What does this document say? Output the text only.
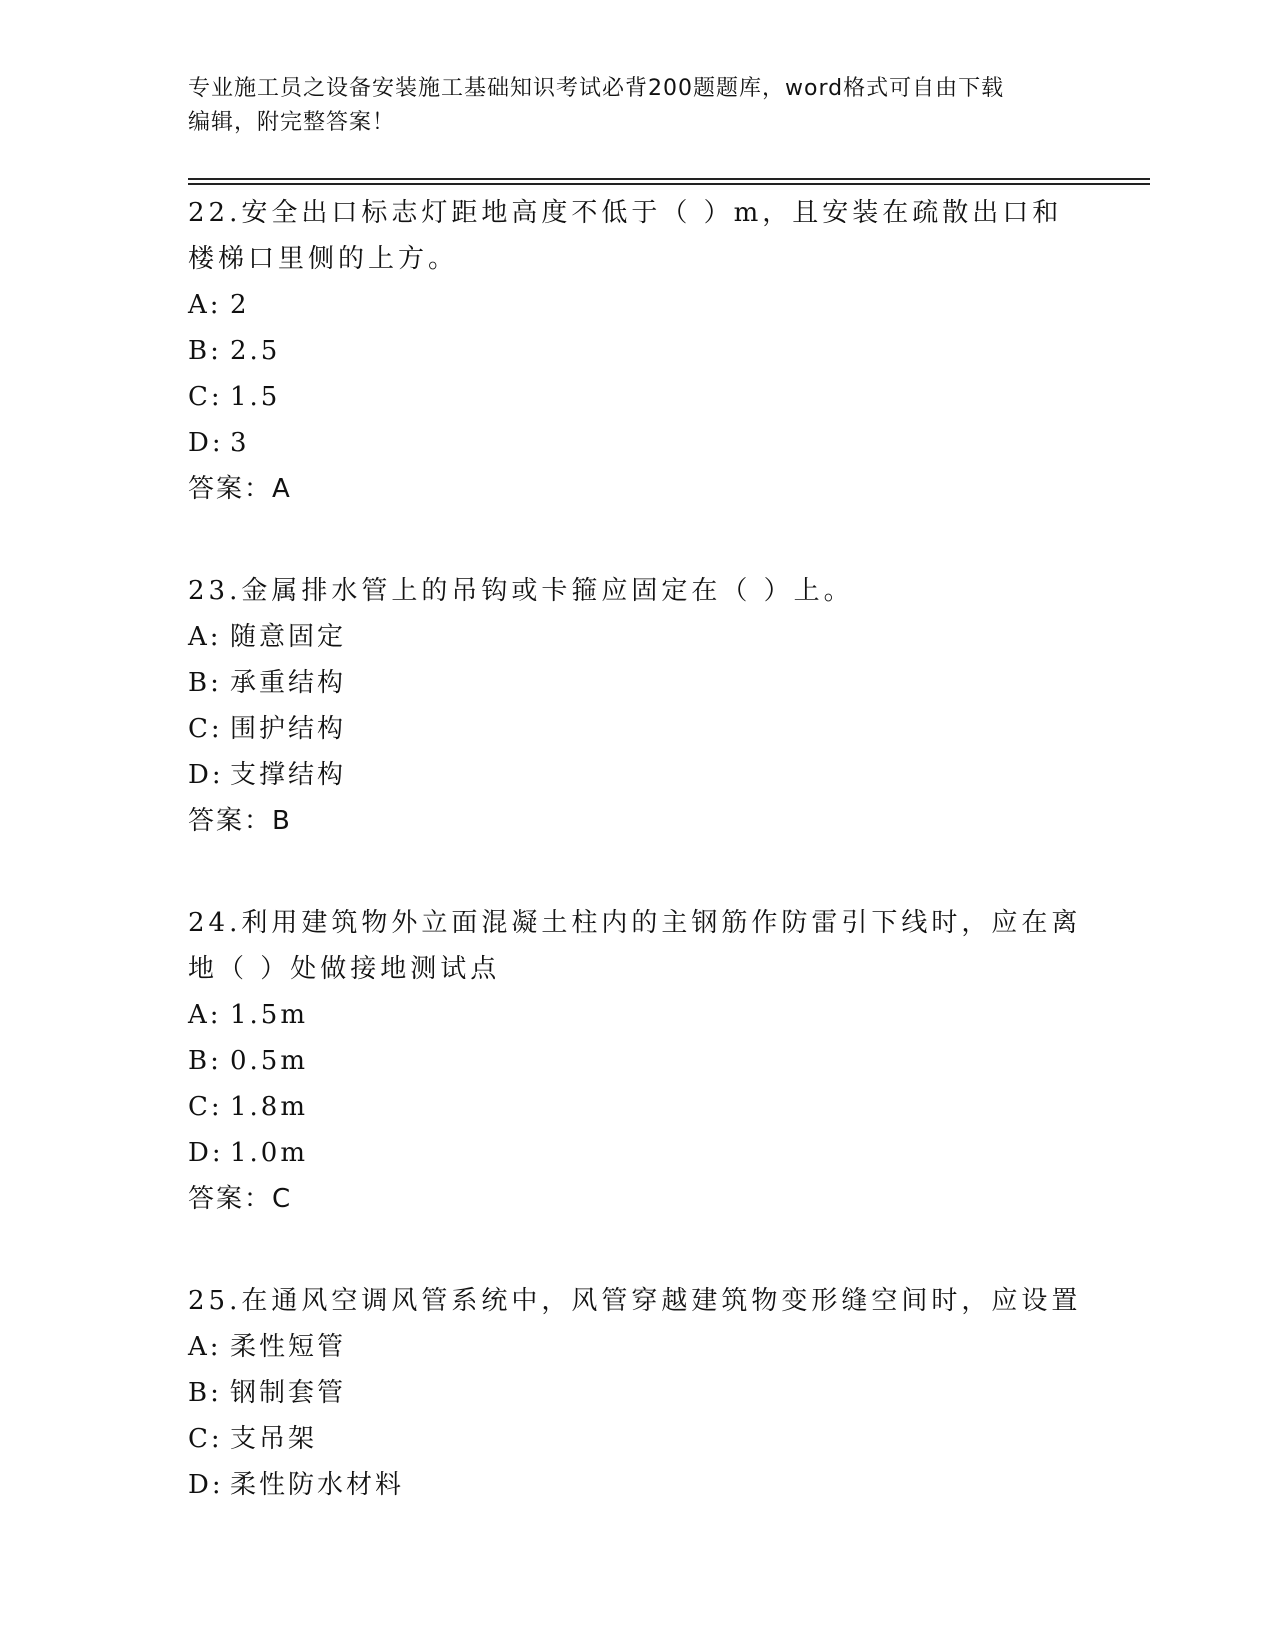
专业施工员之设备安装施工基础知识考试必背200题题库，word格式可自由下载
编辑，附完整答案！
22.安全出口标志灯距地高度不低于（ ）m，且安装在疏散出口和楼梯口里侧的上方。
A: 2
B: 2.5
C: 1.5
D: 3
答案：A
23.金属排水管上的吊钩或卡箍应固定在（ ）上。
A: 随意固定
B: 承重结构
C: 围护结构
D: 支撑结构
答案：B
24.利用建筑物外立面混凝土柱内的主钢筋作防雷引下线时，应在离地（ ）处做接地测试点
A: 1.5m
B: 0.5m
C: 1.8m
D: 1.0m
答案：C
25.在通风空调风管系统中，风管穿越建筑物变形缝空间时，应设置
A: 柔性短管
B: 钢制套管
C: 支吊架
D: 柔性防水材料
